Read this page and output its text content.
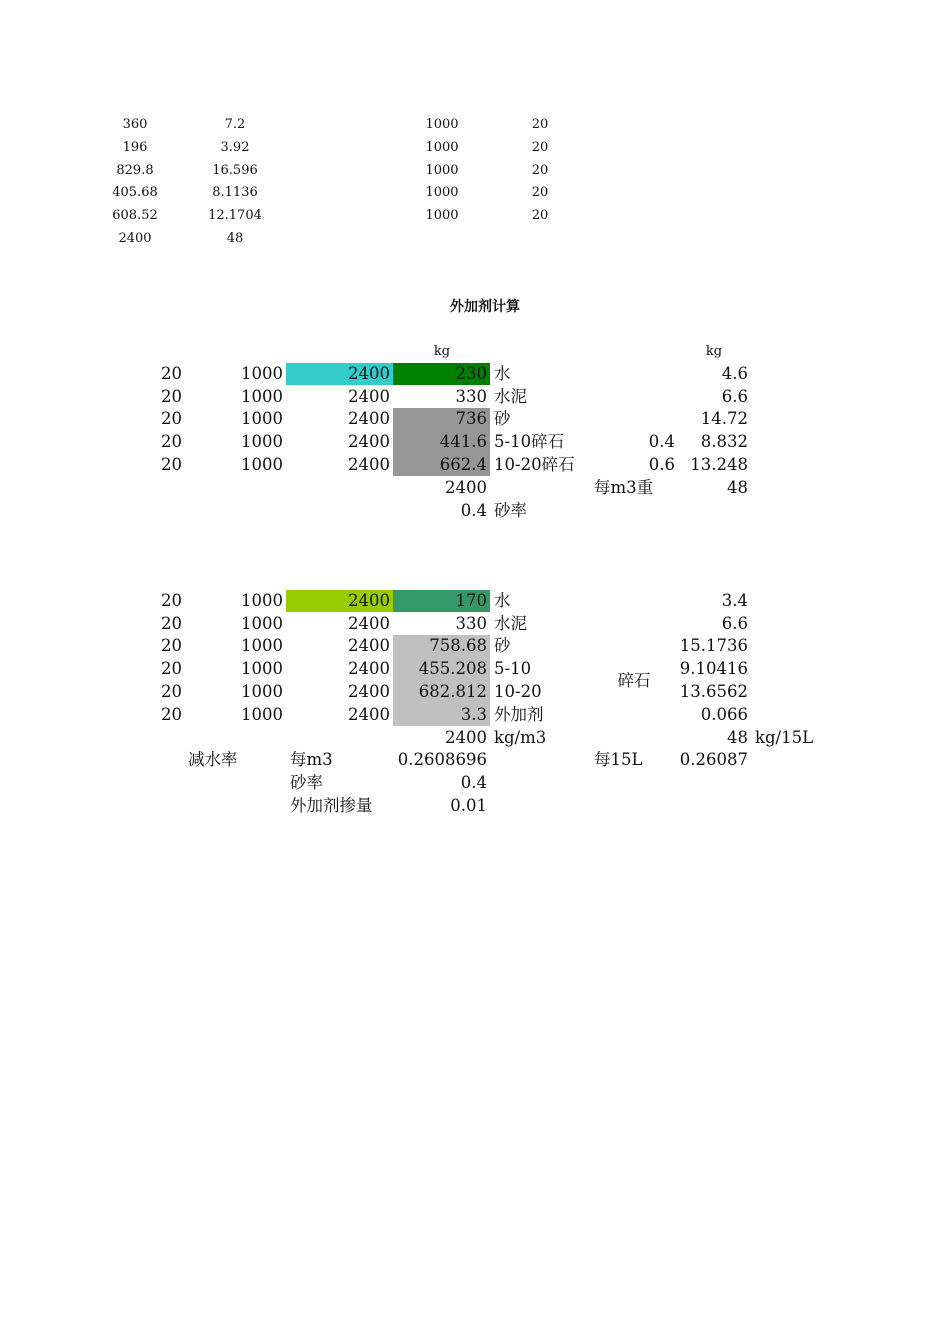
360	7.2	1000	20
196	3.92	1000	20
829.8	16.596	1000	20
405.68	8.1136	1000	20
608.52	12.1704	1000	20
2400	48
外加剂计算
kg	kg
20	1000	2400	230 水	4.6
20	1000	2400	330 水泥	6.6
20	1000	2400	736 砂	14.72
20	1000	2400	441.6 5-10碎石	0.4	8.832
20	1000	2400	662.4 10-20碎石	0.6 13.248
2400	每m3重	48
0.4 砂率
20	1000	2400	170 水	3.4
20	1000	2400	330 水泥	6.6
20	1000	2400	758.68 砂	15.1736
20	1000	2400	455.208 5-10	9.10416
20	1000	2400	682.812 10-20	13.6562
20	1000	2400	3.3 外加剂	0.066
碎石
2400 kg/m3	48 kg/15L
减水率	每m3	0.2608696	每15L	0.26087
砂率	0.4
外加剂掺量	0.01
